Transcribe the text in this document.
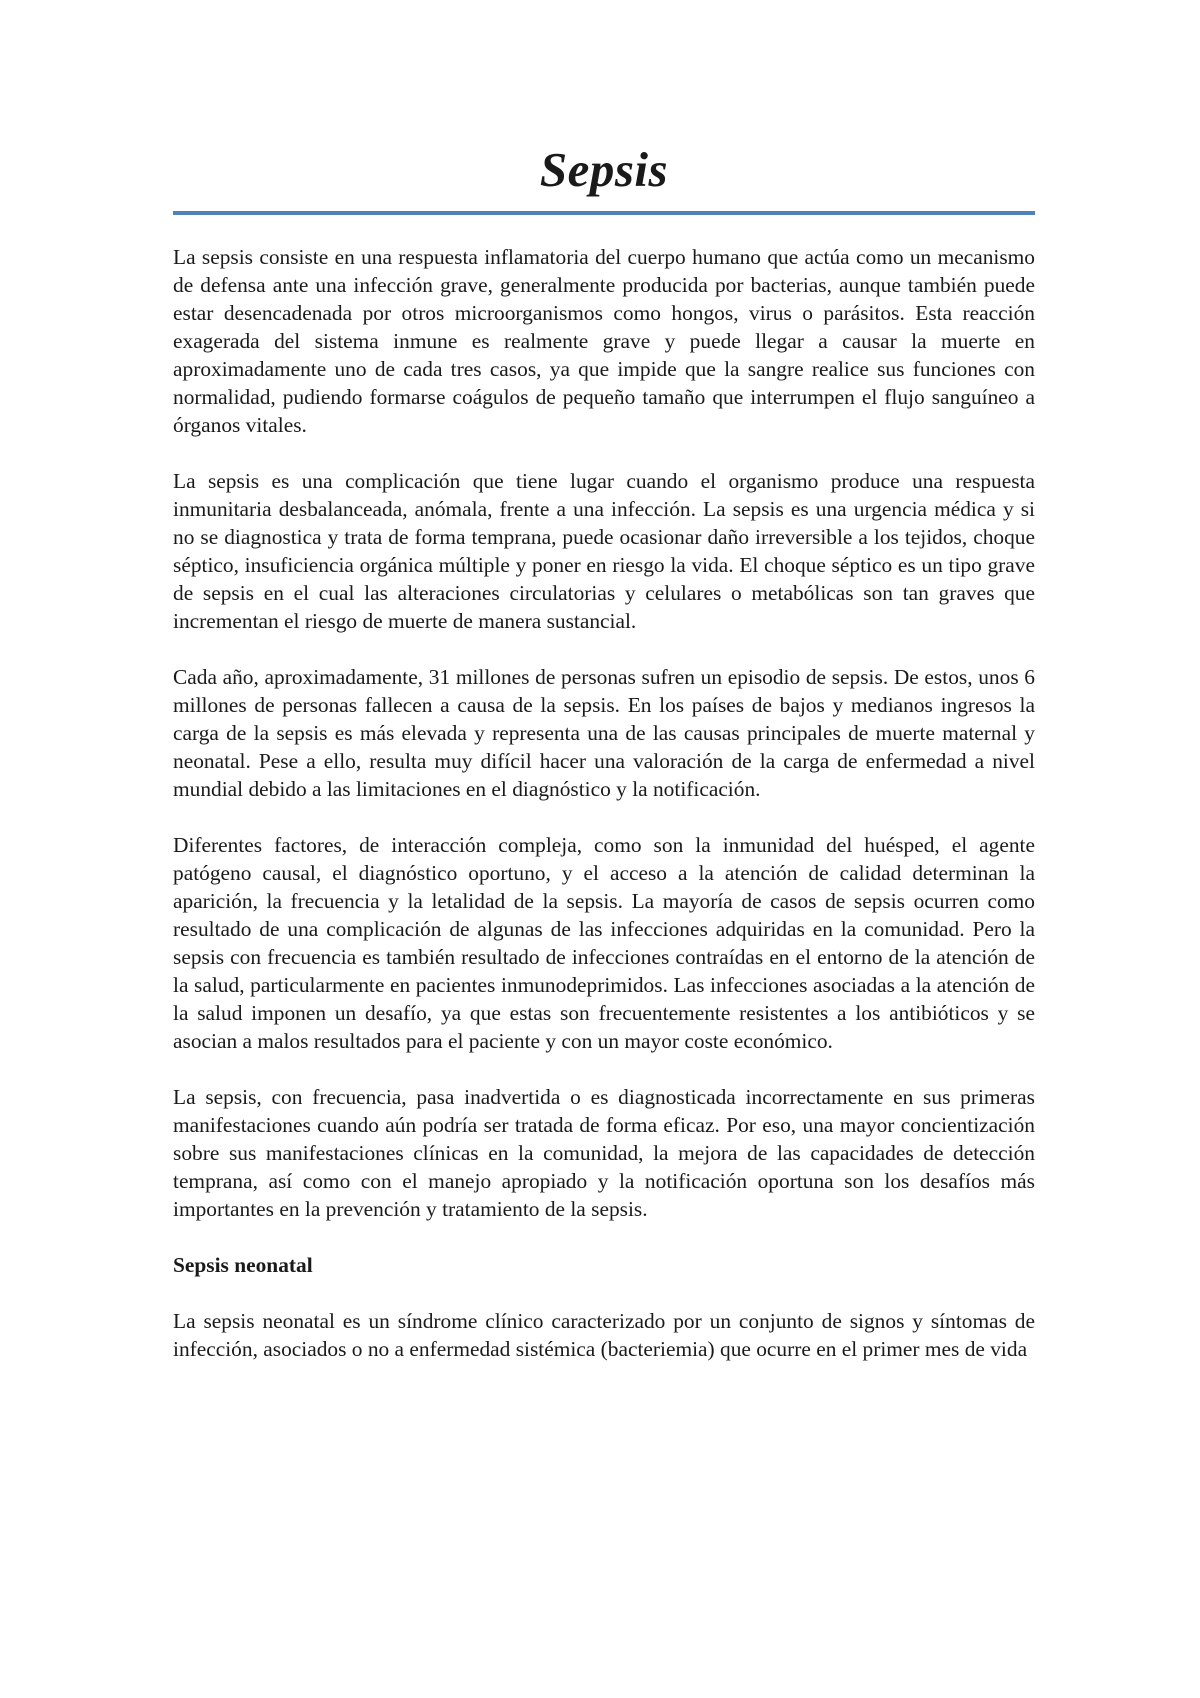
Sepsis

La sepsis consiste en una respuesta inflamatoria del cuerpo humano que actúa como un mecanismo de defensa ante una infección grave, generalmente producida por bacterias, aunque también puede estar desencadenada por otros microorganismos como hongos, virus o parásitos. Esta reacción exagerada del sistema inmune es realmente grave y puede llegar a causar la muerte en aproximadamente uno de cada tres casos, ya que impide que la sangre realice sus funciones con normalidad, pudiendo formarse coágulos de pequeño tamaño que interrumpen el flujo sanguíneo a órganos vitales.

La sepsis es una complicación que tiene lugar cuando el organismo produce una respuesta inmunitaria desbalanceada, anómala, frente a una infección. La sepsis es una urgencia médica y si no se diagnostica y trata de forma temprana, puede ocasionar daño irreversible a los tejidos, choque séptico, insuficiencia orgánica múltiple y poner en riesgo la vida. El choque séptico es un tipo grave de sepsis en el cual las alteraciones circulatorias y celulares o metabólicas son tan graves que incrementan el riesgo de muerte de manera sustancial.

Cada año, aproximadamente, 31 millones de personas sufren un episodio de sepsis. De estos, unos 6 millones de personas fallecen a causa de la sepsis. En los países de bajos y medianos ingresos la carga de la sepsis es más elevada y representa una de las causas principales de muerte maternal y neonatal. Pese a ello, resulta muy difícil hacer una valoración de la carga de enfermedad a nivel mundial debido a las limitaciones en el diagnóstico y la notificación.

Diferentes factores, de interacción compleja, como son la inmunidad del huésped, el agente patógeno causal, el diagnóstico oportuno, y el acceso a la atención de calidad determinan la aparición, la frecuencia y la letalidad de la sepsis. La mayoría de casos de sepsis ocurren como resultado de una complicación de algunas de las infecciones adquiridas en la comunidad. Pero la sepsis con frecuencia es también resultado de infecciones contraídas en el entorno de la atención de la salud, particularmente en pacientes inmunodeprimidos. Las infecciones asociadas a la atención de la salud imponen un desafío, ya que estas son frecuentemente resistentes a los antibióticos y se asocian a malos resultados para el paciente y con un mayor coste económico.

La sepsis, con frecuencia, pasa inadvertida o es diagnosticada incorrectamente en sus primeras manifestaciones cuando aún podría ser tratada de forma eficaz. Por eso, una mayor concientización sobre sus manifestaciones clínicas en la comunidad, la mejora de las capacidades de detección temprana, así como con el manejo apropiado y la notificación oportuna son los desafíos más importantes en la prevención y tratamiento de la sepsis.

Sepsis neonatal

La sepsis neonatal es un síndrome clínico caracterizado por un conjunto de signos y síntomas de infección, asociados o no a enfermedad sistémica (bacteriemia) que ocurre en el primer mes de vida
